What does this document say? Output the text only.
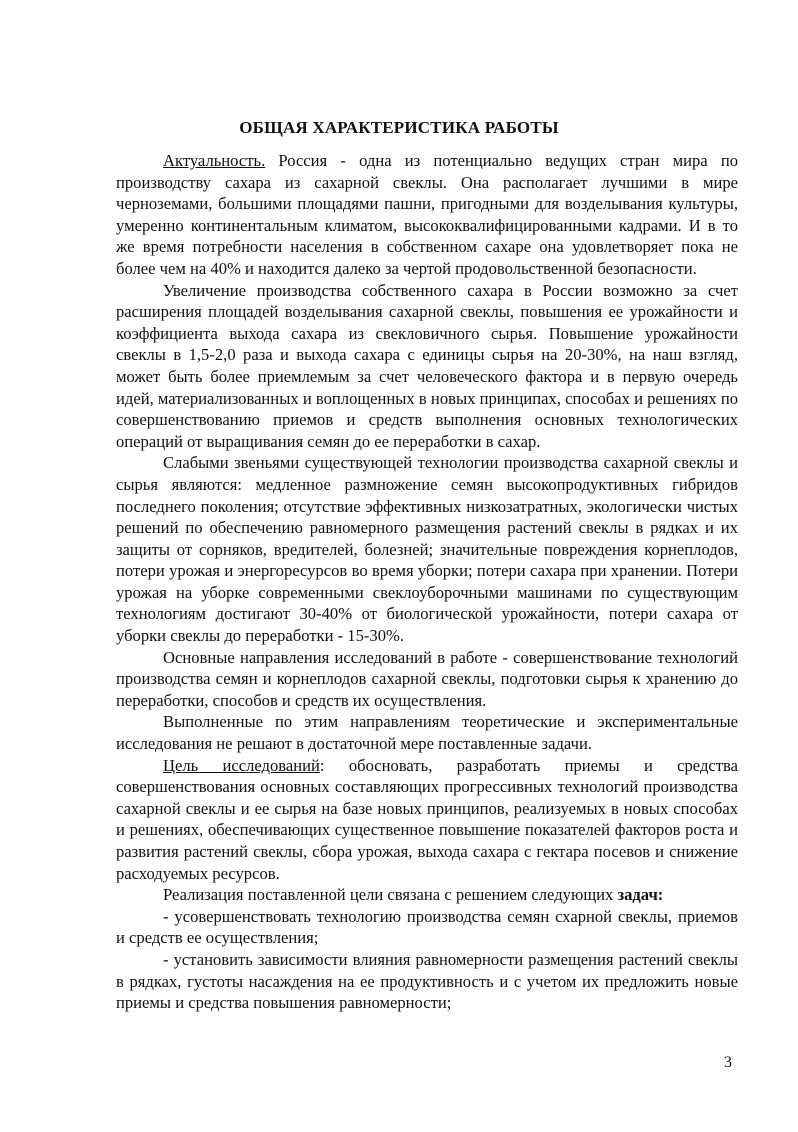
ОБЩАЯ ХАРАКТЕРИСТИКА РАБОТЫ

Актуальность. Россия - одна из потенциально ведущих стран мира по производству сахара из сахарной свеклы. Она располагает лучшими в мире черноземами, большими площадями пашни, пригодными для возделывания культуры, умеренно континентальным климатом, высококвалифицированными кадрами. И в то же время потребности населения в собственном сахаре она удовлетворяет пока не более чем на 40% и находится далеко за чертой продовольственной безопасности.

Увеличение производства собственного сахара в России возможно за счет расширения площадей возделывания сахарной свеклы, повышения ее урожайности и коэффициента выхода сахара из свекловичного сырья. Повышение урожайности свеклы в 1,5-2,0 раза и выхода сахара с единицы сырья на 20-30%, на наш взгляд, может быть более приемлемым за счет человеческого фактора и в первую очередь идей, материализованных и воплощенных в новых принципах, способах и решениях по совершенствованию приемов и средств выполнения основных технологических операций от выращивания семян до ее переработки в сахар.

Слабыми звеньями существующей технологии производства сахарной свеклы и сырья являются: медленное размножение семян высокопродуктивных гибридов последнего поколения; отсутствие эффективных низкозатратных, экологически чистых решений по обеспечению равномерного размещения растений свеклы в рядках и их защиты от сорняков, вредителей, болезней; значительные повреждения корнеплодов, потери урожая и энергоресурсов во время уборки; потери сахара при хранении. Потери урожая на уборке современными свеклоуборочными машинами по существующим технологиям достигают 30-40% от биологической урожайности, потери сахара от уборки свеклы до переработки - 15-30%.

Основные направления исследований в работе - совершенствование технологий производства семян и корнеплодов сахарной свеклы, подготовки сырья к хранению до переработки, способов и средств их осуществления.

Выполненные по этим направлениям теоретические и экспериментальные исследования не решают в достаточной мере поставленные задачи.

Цель исследований: обосновать, разработать приемы и средства совершенствования основных составляющих прогрессивных технологий производства сахарной свеклы и ее сырья на базе новых принципов, реализуемых в новых способах и решениях, обеспечивающих существенное повышение показателей факторов роста и развития растений свеклы, сбора урожая, выхода сахара с гектара посевов и снижение расходуемых ресурсов.

Реализация поставленной цели связана с решением следующих задач:

- усовершенствовать технологию производства семян схарной свеклы, приемов и средств ее осуществления;

- установить зависимости влияния равномерности размещения растений свеклы в рядках, густоты насаждения на ее продуктивность и с учетом их предложить новые приемы и средства повышения равномерности;

3
